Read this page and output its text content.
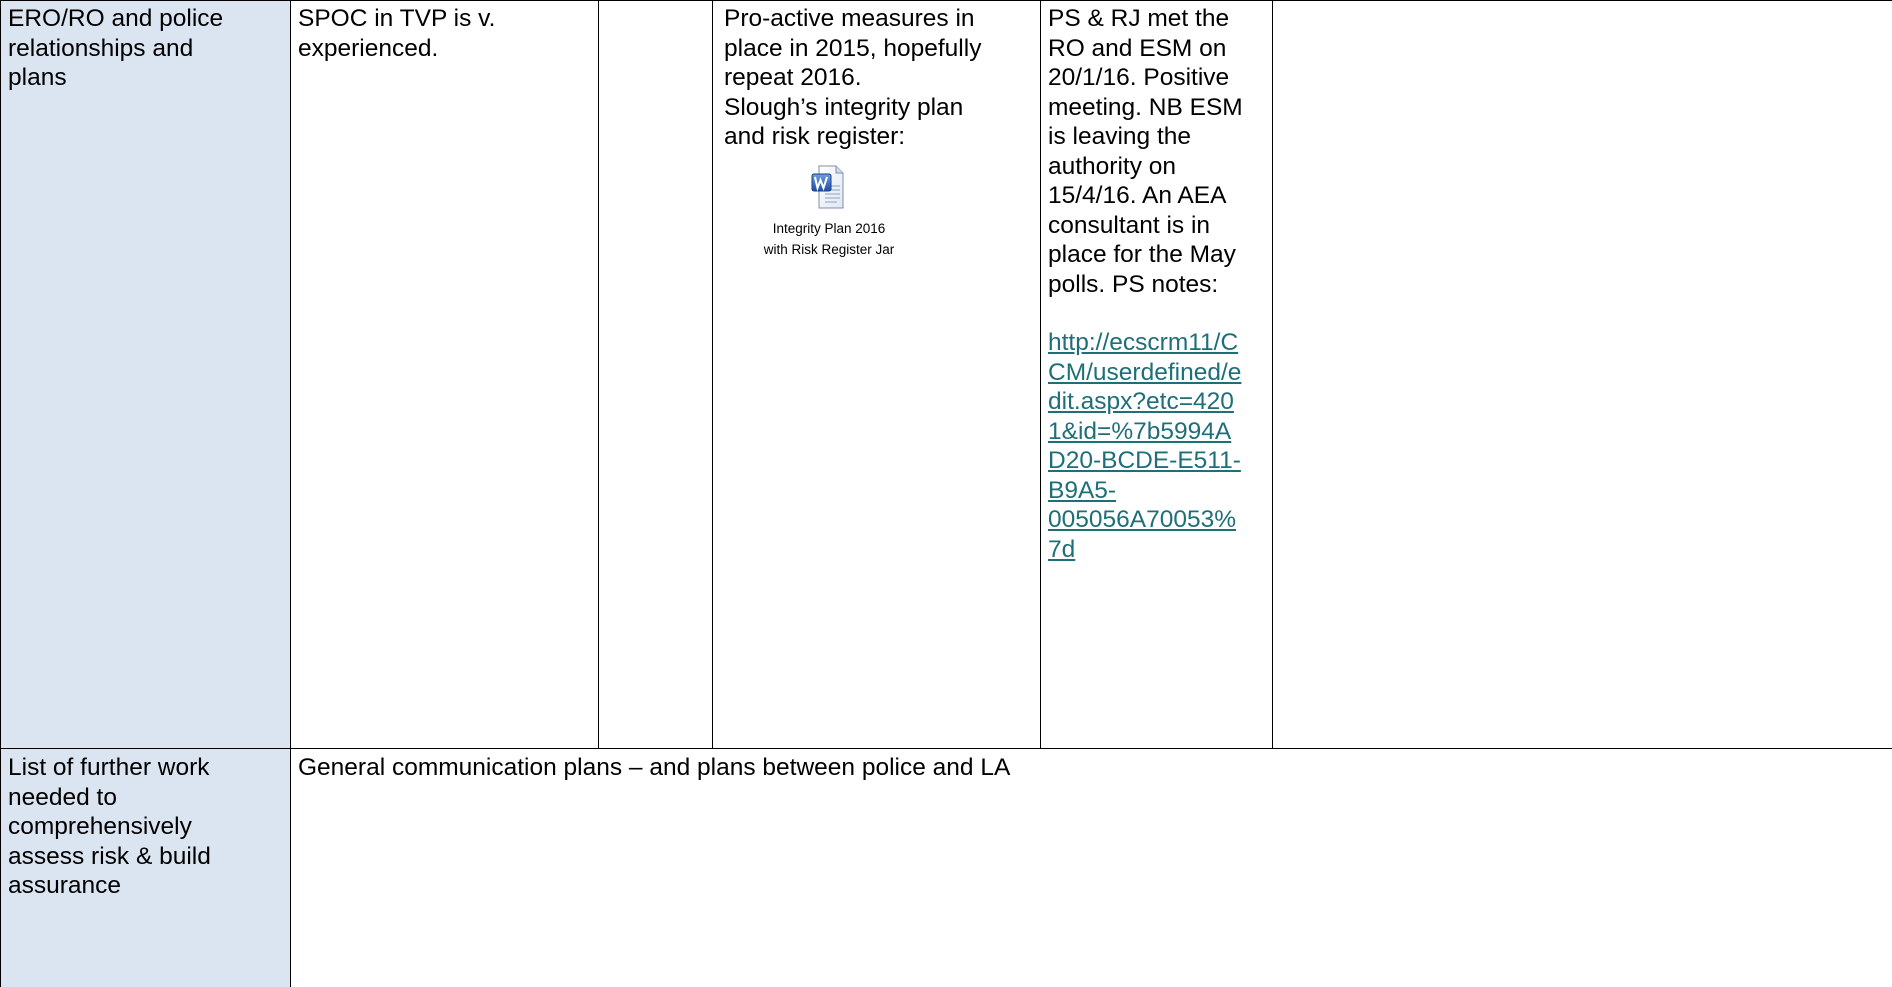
ERO/RO and police
relationships and
plans
SPOC in TVP is v.
experienced.
Pro-active measures in
place in 2015, hopefully
repeat 2016.
Slough’s integrity plan
and risk register:
Integrity Plan 2016
with Risk Register Jar
PS & RJ met the
RO and ESM on
20/1/16. Positive
meeting. NB ESM
is leaving the
authority on
15/4/16. An AEA
consultant is in
place for the May
polls. PS notes:
http://ecscrm11/C
CM/userdefined/e
dit.aspx?etc=420
1&id=%7b5994A
D20-BCDE-E511-
B9A5-
005056A70053%
7d
List of further work
needed to
comprehensively
assess risk & build
assurance
General communication plans – and plans between police and LA
